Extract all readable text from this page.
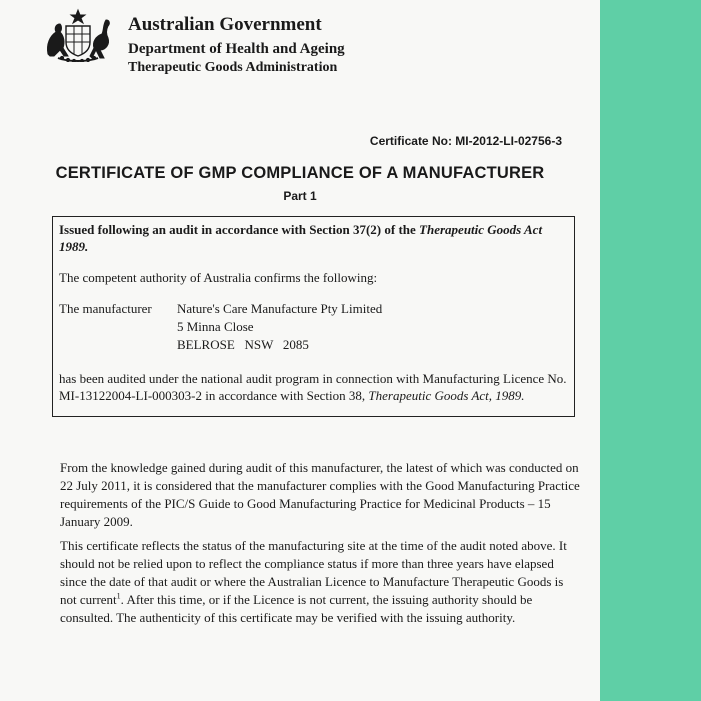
Australian Government
Department of Health and Ageing
Therapeutic Goods Administration
Certificate No: MI-2012-LI-02756-3
CERTIFICATE OF GMP COMPLIANCE OF A MANUFACTURER
Part 1
Issued following an audit in accordance with Section 37(2) of the Therapeutic Goods Act 1989.
The competent authority of Australia confirms the following:
The manufacturer	Nature's Care Manufacture Pty Limited
5 Minna Close
BELROSE   NSW   2085
has been audited under the national audit program in connection with Manufacturing Licence No. MI-13122004-LI-000303-2 in accordance with Section 38, Therapeutic Goods Act, 1989.
From the knowledge gained during audit of this manufacturer, the latest of which was conducted on 22 July 2011, it is considered that the manufacturer complies with the Good Manufacturing Practice requirements of the PIC/S Guide to Good Manufacturing Practice for Medicinal Products – 15 January 2009.
This certificate reflects the status of the manufacturing site at the time of the audit noted above. It should not be relied upon to reflect the compliance status if more than three years have elapsed since the date of that audit or where the Australian Licence to Manufacture Therapeutic Goods is not current$^1$. After this time, or if the Licence is not current, the issuing authority should be consulted. The authenticity of this certificate may be verified with the issuing authority.
